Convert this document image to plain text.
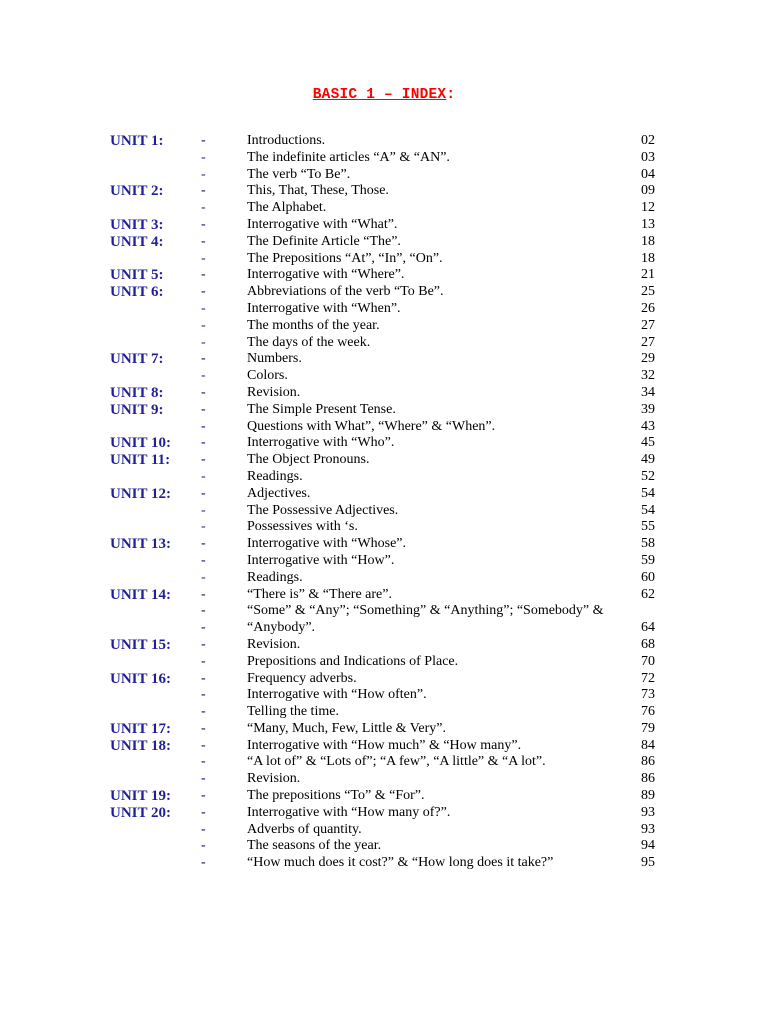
BASIC 1 – INDEX:
UNIT 1:	-	Introductions.	02
-	The indefinite articles “A” & “AN”.	03
-	The verb “To Be”.	04
UNIT 2:	-	This, That, These, Those.	09
-	The Alphabet.	12
UNIT 3:	-	Interrogative with “What”.	13
UNIT 4:	-	The Definite Article “The”.	18
-	The Prepositions “At”, “In”, “On”.	18
UNIT 5:	-	Interrogative with “Where”.	21
UNIT 6:	-	Abbreviations of the verb “To Be”.	25
-	Interrogative with “When”.	26
-	The months of the year.	27
-	The days of the week.	27
UNIT 7:	-	Numbers.	29
-	Colors.	32
UNIT 8:	-	Revision.	34
UNIT 9:	-	The Simple Present Tense.	39
-	Questions with What”, “Where” & “When”.	43
UNIT 10: -	Interrogative with “Who”.	45
UNIT 11: -	The Object Pronouns.	49
-	Readings.	52
UNIT 12: -	Adjectives.	54
-	The Possessive Adjectives.	54
-	Possessives with ‘s.	55
UNIT 13: -	Interrogative with “Whose”.	58
-	Interrogative with “How”.	59
-	Readings.	60
UNIT 14: -	“There is” & “There are”.	62
-	“Some” & “Any”; “Something” & “Anything”; “Somebody” &
-	“Anybody”.	64
UNIT 15: -	Revision.	68
-	Prepositions and Indications of Place.	70
UNIT 16: -	Frequency adverbs.	72
-	Interrogative with “How often”.	73
-	Telling the time.	76
UNIT 17: -	“Many, Much, Few, Little & Very”.	79
UNIT 18: -	Interrogative with “How much” & “How many”.	84
-	“A lot of” & “Lots of”; “A few”, “A little” & “A lot”.	86
-	Revision.	86
UNIT 19: -	The prepositions “To” & “For”.	89
UNIT 20: -	Interrogative with “How many of?”.	93
-	Adverbs of quantity.	93
-	The seasons of the year.	94
-	“How much does it cost?” & “How long does it take?”	95
